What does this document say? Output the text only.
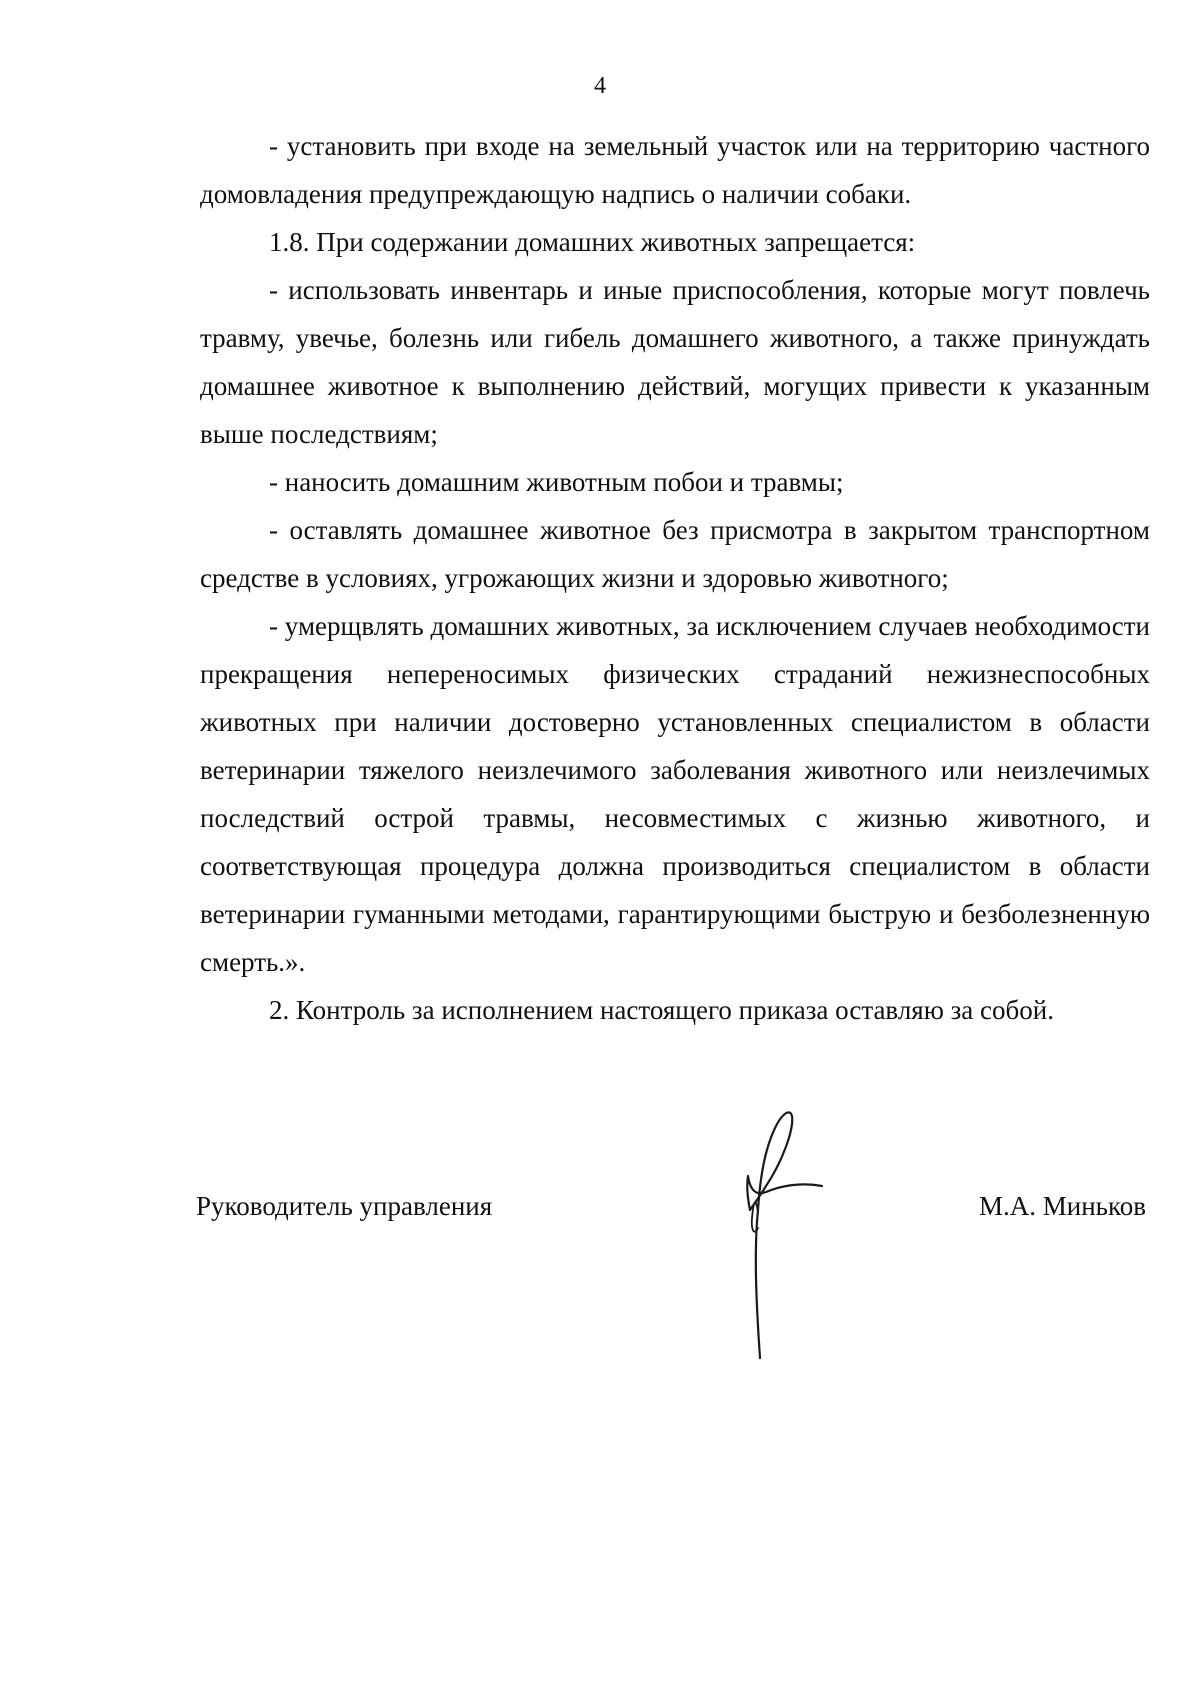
4

- установить при входе на земельный участок или на территорию частного домовладения предупреждающую надпись о наличии собаки.

1.8. При содержании домашних животных запрещается:

- использовать инвентарь и иные приспособления, которые могут повлечь травму, увечье, болезнь или гибель домашнего животного, а также принуждать домашнее животное к выполнению действий, могущих привести к указанным выше последствиям;

- наносить домашним животным побои и травмы;

- оставлять домашнее животное без присмотра в закрытом транспортном средстве в условиях, угрожающих жизни и здоровью животного;

- умерщвлять домашних животных, за исключением случаев необходимости прекращения непереносимых физических страданий нежизнеспособных животных при наличии достоверно установленных специалистом в области ветеринарии тяжелого неизлечимого заболевания животного или неизлечимых последствий острой травмы, несовместимых с жизнью животного, и соответствующая процедура должна производиться специалистом в области ветеринарии гуманными методами, гарантирующими быструю и безболезненную смерть.».

2. Контроль за исполнением настоящего приказа оставляю за собой.

Руководитель управления	М.А. Миньков
